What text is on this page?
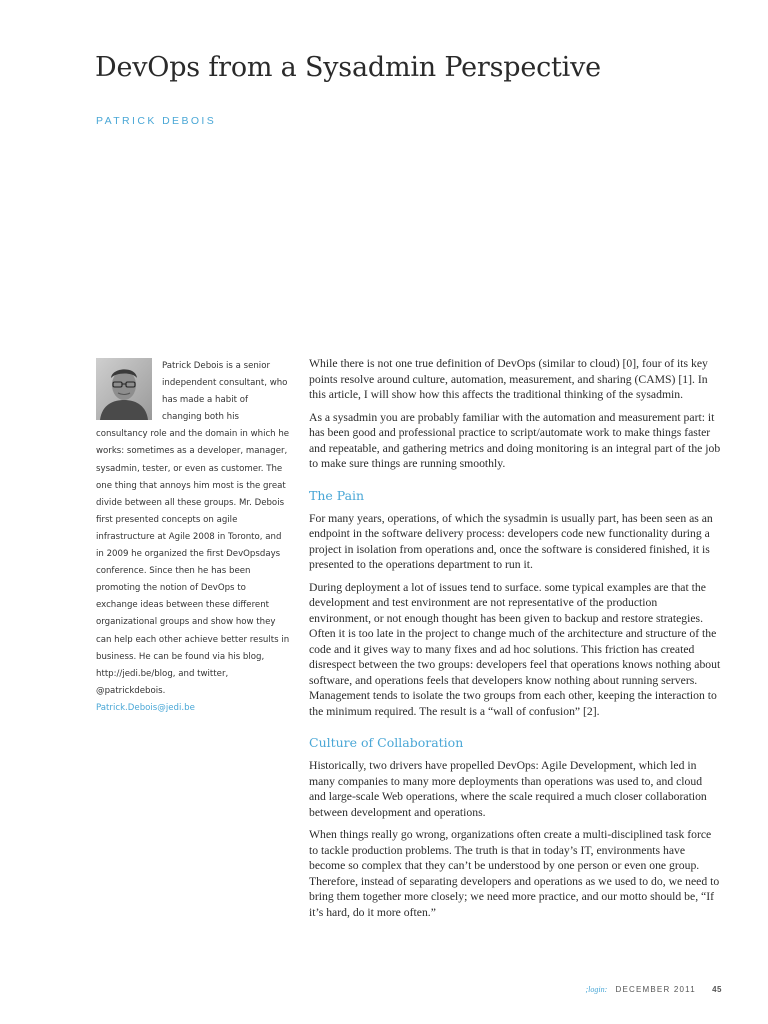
DevOps from a Sysadmin Perspective
PATRICK DEBOIS

Patrick Debois is a senior independent consultant, who has made a habit of changing both his consultancy role and the domain in which he works: sometimes as a developer, manager, sysadmin, tester, or even as customer. The one thing that annoys him most is the great divide between all these groups. Mr. Debois first presented concepts on agile infrastructure at Agile 2008 in Toronto, and in 2009 he organized the first DevOpsdays conference. Since then he has been promoting the notion of DevOps to exchange ideas between these different organizational groups and show how they can help each other achieve better results in business. He can be found via his blog, http://jedi.be/blog, and twitter, @patrickdebois.

Patrick.Debois@jedi.be

While there is not one true definition of DevOps (similar to cloud) [0], four of its key points resolve around culture, automation, measurement, and sharing (CAMS) [1]. In this article, I will show how this affects the traditional thinking of the sysadmin.

As a sysadmin you are probably familiar with the automation and measurement part: it has been good and professional practice to script/automate work to make things faster and repeatable, and gathering metrics and doing monitoring is an integral part of the job to make sure things are running smoothly.

The Pain

For many years, operations, of which the sysadmin is usually part, has been seen as an endpoint in the software delivery process: developers code new functionality during a project in isolation from operations and, once the software is considered finished, it is presented to the operations department to run it.

During deployment a lot of issues tend to surface. some typical examples are that the development and test environment are not representative of the production environment, or not enough thought has been given to backup and restore strategies. Often it is too late in the project to change much of the architecture and structure of the code and it gives way to many fixes and ad hoc solutions. This friction has created disrespect between the two groups: developers feel that operations knows nothing about software, and operations feels that developers know nothing about running servers. Management tends to isolate the two groups from each other, keeping the interaction to the minimum required. The result is a “wall of confusion” [2].

Culture of Collaboration

Historically, two drivers have propelled DevOps: Agile Development, which led in many companies to many more deployments than operations was used to, and cloud and large-scale Web operations, where the scale required a much closer collaboration between development and operations.

When things really go wrong, organizations often create a multi-disciplined task force to tackle production problems. The truth is that in today’s IT, environments have become so complex that they can’t be understood by one person or even one group. Therefore, instead of separating developers and operations as we used to do, we need to bring them together more closely; we need more practice, and our motto should be, “If it’s hard, do it more often.”

;login: DECEMBER 2011 45
